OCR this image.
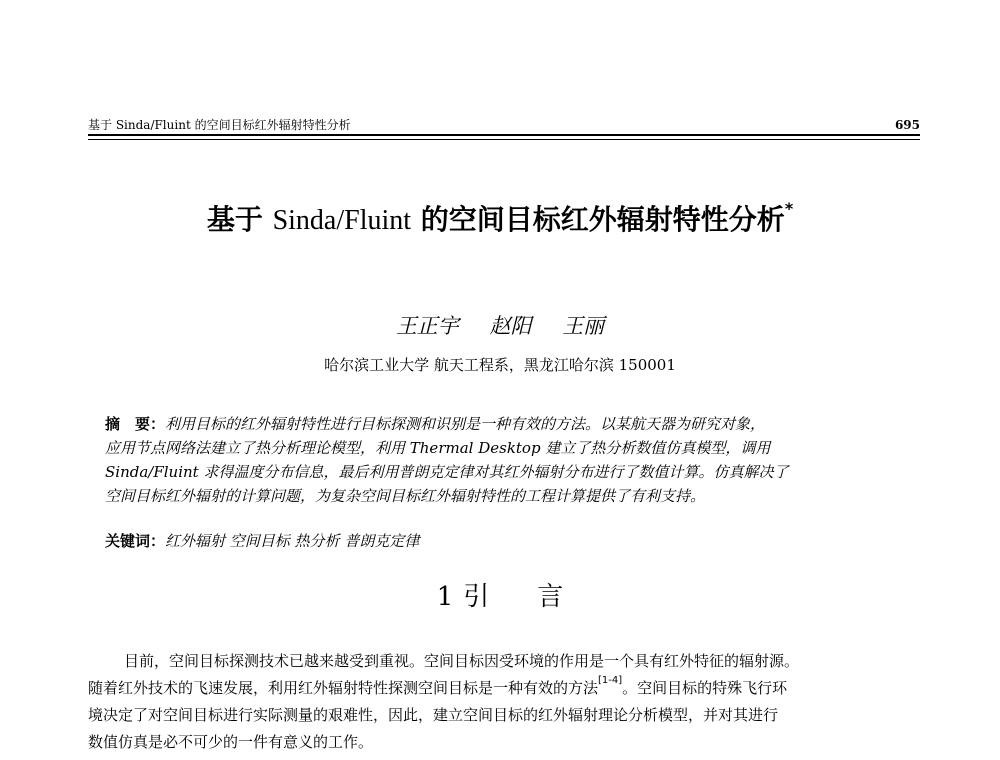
基于 Sinda/Fluint 的空间目标红外辐射特性分析	695
基于 Sinda/Fluint 的空间目标红外辐射特性分析*
王正宇 赵阳 王丽
哈尔滨工业大学 航天工程系，黑龙江哈尔滨 150001
摘　要：利用目标的红外辐射特性进行目标探测和识别是一种有效的方法。以某航天器为研究对象，
应用节点网络法建立了热分析理论模型，利用 Thermal Desktop 建立了热分析数值仿真模型，调用
Sinda/Fluint 求得温度分布信息，最后利用普朗克定律对其红外辐射分布进行了数值计算。仿真解决了
空间目标红外辐射的计算问题，为复杂空间目标红外辐射特性的工程计算提供了有利支持。
关键词：红外辐射 空间目标 热分析 普朗克定律
1 引 言
目前，空间目标探测技术已越来越受到重视。空间目标因受环境的作用是一个具有红外特征的辐射源。
随着红外技术的飞速发展，利用红外辐射特性探测空间目标是一种有效的方法[1-4]。空间目标的特殊飞行环
境决定了对空间目标进行实际测量的艰难性，因此，建立空间目标的红外辐射理论分析模型，并对其进行
数值仿真是必不可少的一件有意义的工作。
